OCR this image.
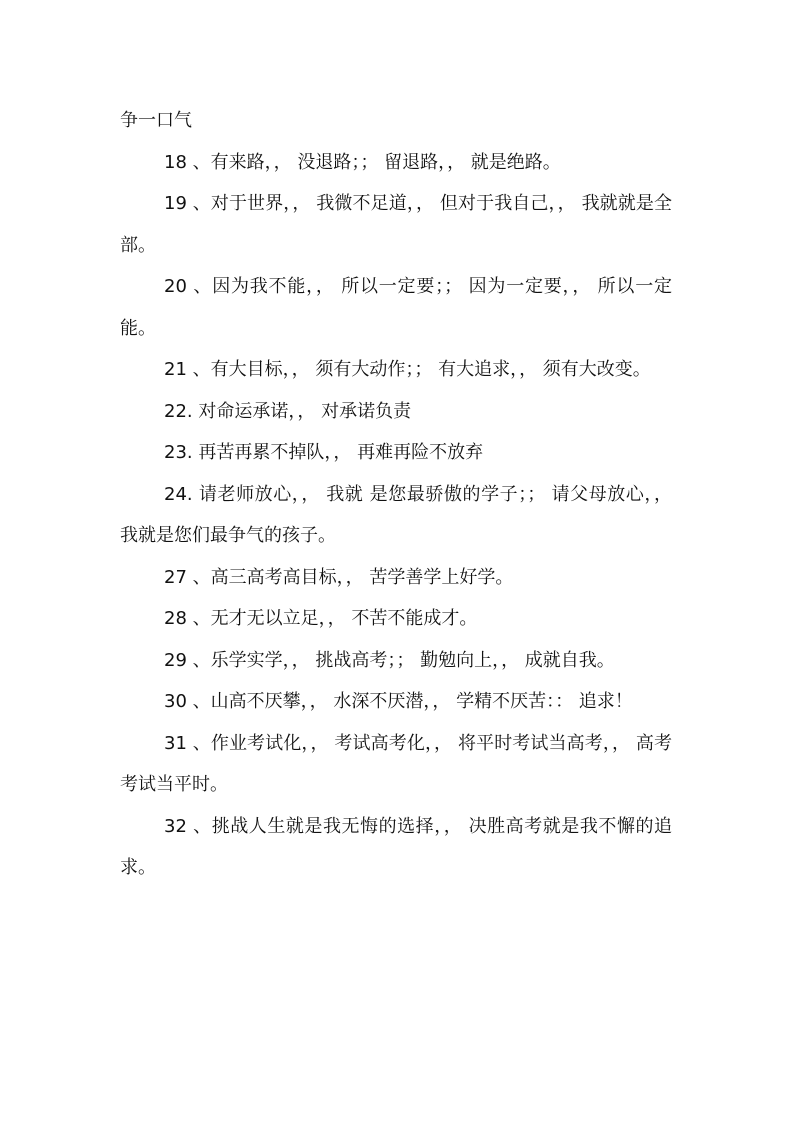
争一口气

18 、有来路，， 没退路；； 留退路，， 就是绝路。

19 、对于世界，， 我微不足道，， 但对于我自己，， 我就就是全部。

20 、因为我不能，， 所以一定要；； 因为一定要，， 所以一定能。

21 、有大目标，， 须有大动作；； 有大追求，， 须有大改变。

22. 对命运承诺，， 对承诺负责

23. 再苦再累不掉队，， 再难再险不放弃

24. 请老师放心，， 我就 是您最骄傲的学子；； 请父母放心，， 我就是您们最争气的孩子。

27 、高三高考高目标，， 苦学善学上好学。

28 、无才无以立足，， 不苦不能成才。

29 、乐学实学，， 挑战高考；； 勤勉向上，， 成就自我。

30 、山高不厌攀，， 水深不厌潜，， 学精不厌苦：： 追求！

31 、作业考试化，， 考试高考化，， 将平时考试当高考，， 高考考试当平时。

32 、挑战人生就是我无悔的选择，， 决胜高考就是我不懈的追求。
